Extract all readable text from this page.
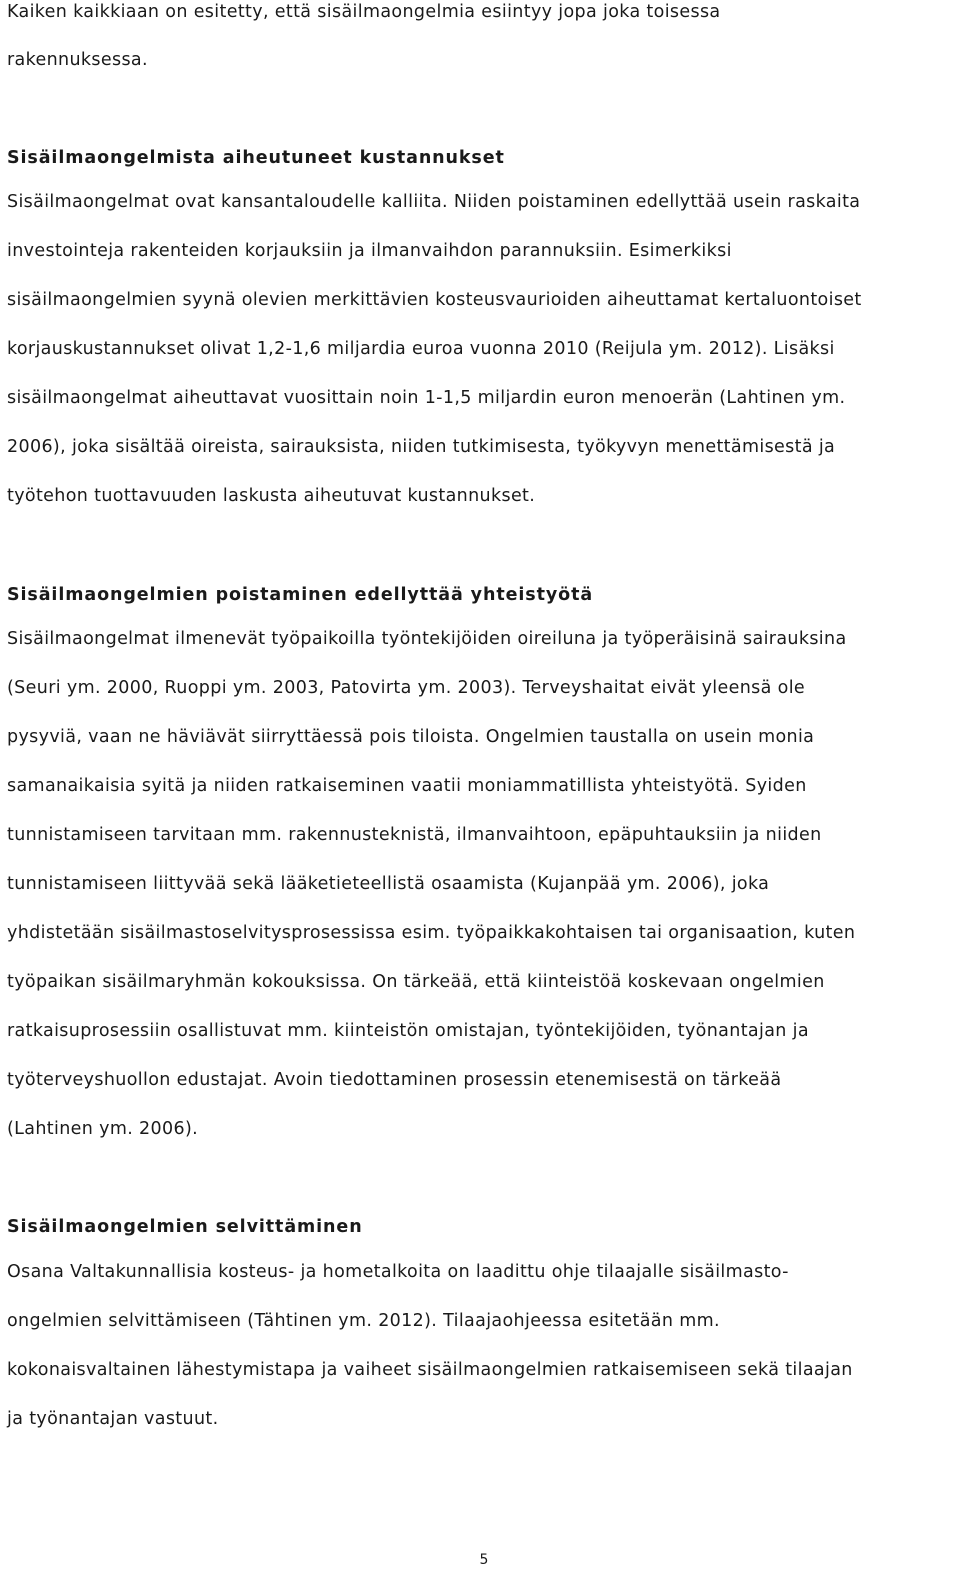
Kaiken kaikkiaan on esitetty, että sisäilmaongelmia esiintyy jopa joka toisessa
rakennuksessa.
Sisäilmaongelmista aiheutuneet kustannukset
Sisäilmaongelmat ovat kansantaloudelle kalliita. Niiden poistaminen edellyttää usein raskaita
investointeja rakenteiden korjauksiin ja ilmanvaihdon parannuksiin. Esimerkiksi
sisäilmaongelmien syynä olevien merkittävien kosteusvaurioiden aiheuttamat kertaluontoiset
korjauskustannukset olivat 1,2-1,6 miljardia euroa vuonna 2010 (Reijula ym. 2012). Lisäksi
sisäilmaongelmat aiheuttavat vuosittain noin 1-1,5 miljardin euron menoerän (Lahtinen ym.
2006), joka sisältää oireista, sairauksista, niiden tutkimisesta, työkyvyn menettämisestä ja
työtehon tuottavuuden laskusta aiheutuvat kustannukset.
Sisäilmaongelmien poistaminen edellyttää yhteistyötä
Sisäilmaongelmat ilmenevät työpaikoilla työntekijöiden oireiluna ja työperäisinä sairauksina
(Seuri ym. 2000, Ruoppi ym. 2003, Patovirta ym. 2003). Terveyshaitat eivät yleensä ole
pysyviä, vaan ne häviävät siirryttäessä pois tiloista. Ongelmien taustalla on usein monia
samanaikaisia syitä ja niiden ratkaiseminen vaatii moniammatillista yhteistyötä. Syiden
tunnistamiseen tarvitaan mm. rakennusteknistä, ilmanvaihtoon, epäpuhtauksiin ja niiden
tunnistamiseen liittyvää sekä lääketieteellistä osaamista (Kujanpää ym. 2006), joka
yhdistetään sisäilmastoselvitysprosessissa esim. työpaikkakohtaisen tai organisaation, kuten
työpaikan sisäilmaryhmän kokouksissa. On tärkeää, että kiinteistöä koskevaan ongelmien
ratkaisuprosessiin osallistuvat mm. kiinteistön omistajan, työntekijöiden, työnantajan ja
työterveyshuollon edustajat. Avoin tiedottaminen prosessin etenemisestä on tärkeää
(Lahtinen ym. 2006).
Sisäilmaongelmien selvittäminen
Osana Valtakunnallisia kosteus- ja hometalkoita on laadittu ohje tilaajalle sisäilmasto-
ongelmien selvittämiseen (Tähtinen ym. 2012). Tilaajaohjeessa esitetään mm.
kokonaisvaltainen lähestymistapa ja vaiheet sisäilmaongelmien ratkaisemiseen sekä tilaajan
ja työnantajan vastuut.
5
